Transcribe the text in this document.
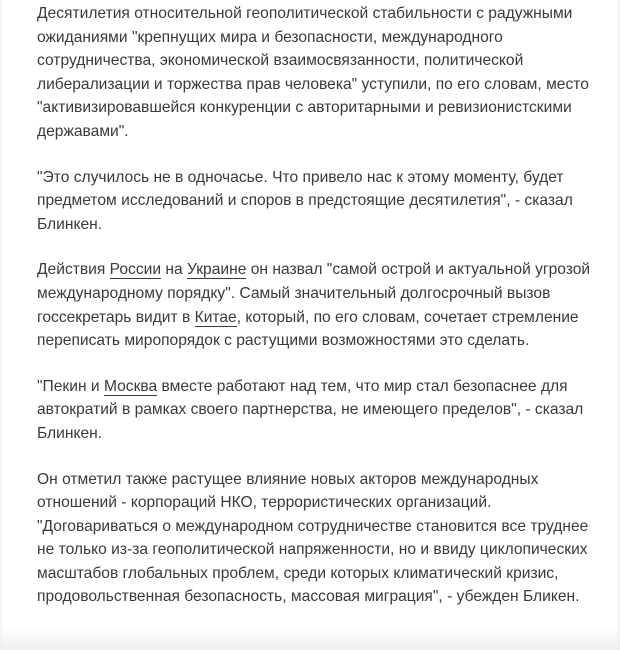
Десятилетия относительной геополитической стабильности с радужными ожиданиями "крепнущих мира и безопасности, международного сотрудничества, экономической взаимосвязанности, политической либерализации и торжества прав человека" уступили, по его словам, место "активизировавшейся конкуренции с авторитарными и ревизионистскими державами".

"Это случилось не в одночасье. Что привело нас к этому моменту, будет предметом исследований и споров в предстоящие десятилетия", - сказал Блинкен.

Действия России на Украине он назвал "самой острой и актуальной угрозой международному порядку". Самый значительный долгосрочный вызов госсекретарь видит в Китае, который, по его словам, сочетает стремление переписать миропорядок с растущими возможностями это сделать.

"Пекин и Москва вместе работают над тем, что мир стал безопаснее для автократий в рамках своего партнерства, не имеющего пределов", - сказал Блинкен.

Он отметил также растущее влияние новых акторов международных отношений - корпораций НКО, террористических организаций. "Договариваться о международном сотрудничестве становится все труднее не только из-за геополитической напряженности, но и ввиду циклопических масштабов глобальных проблем, среди которых климатический кризис, продовольственная безопасность, массовая миграция", - убежден Бликен.
